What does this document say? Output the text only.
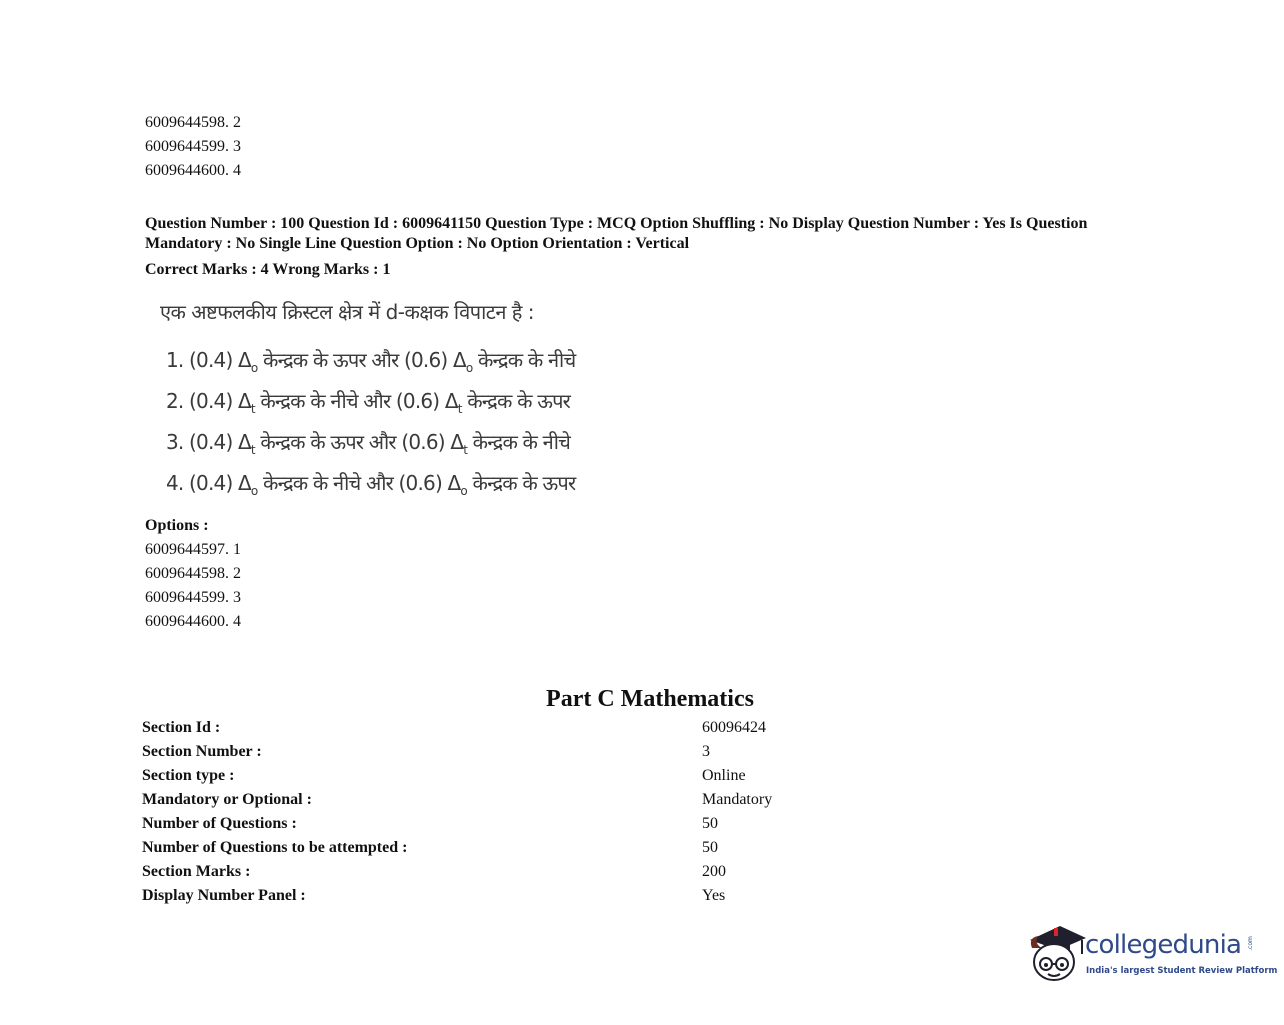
6009644598. 2
6009644599. 3
6009644600. 4
Question Number : 100 Question Id : 6009641150 Question Type : MCQ Option Shuffling : No Display Question Number : Yes Is Question Mandatory : No Single Line Question Option : No Option Orientation : Vertical
Correct Marks : 4 Wrong Marks : 1
एक अष्टफलकीय क्रिस्टल क्षेत्र में d-कक्षक विपाटन है :
1. (0.4) $\Delta_o$ केन्द्रक के ऊपर और (0.6) $\Delta_o$ केन्द्रक के नीचे
2. (0.4) $\Delta_t$ केन्द्रक के नीचे और (0.6) $\Delta_t$ केन्द्रक के ऊपर
3. (0.4) $\Delta_t$ केन्द्रक के ऊपर और (0.6) $\Delta_t$ केन्द्रक के नीचे
4. (0.4) $\Delta_o$ केन्द्रक के नीचे और (0.6) $\Delta_o$ केन्द्रक के ऊपर
Options :
6009644597. 1
6009644598. 2
6009644599. 3
6009644600. 4
Part C Mathematics
Section Id :	60096424
Section Number :	3
Section type :	Online
Mandatory or Optional :	Mandatory
Number of Questions :	50
Number of Questions to be attempted :	50
Section Marks :	200
Display Number Panel :	Yes
collegedunia .com
India's largest Student Review Platform
